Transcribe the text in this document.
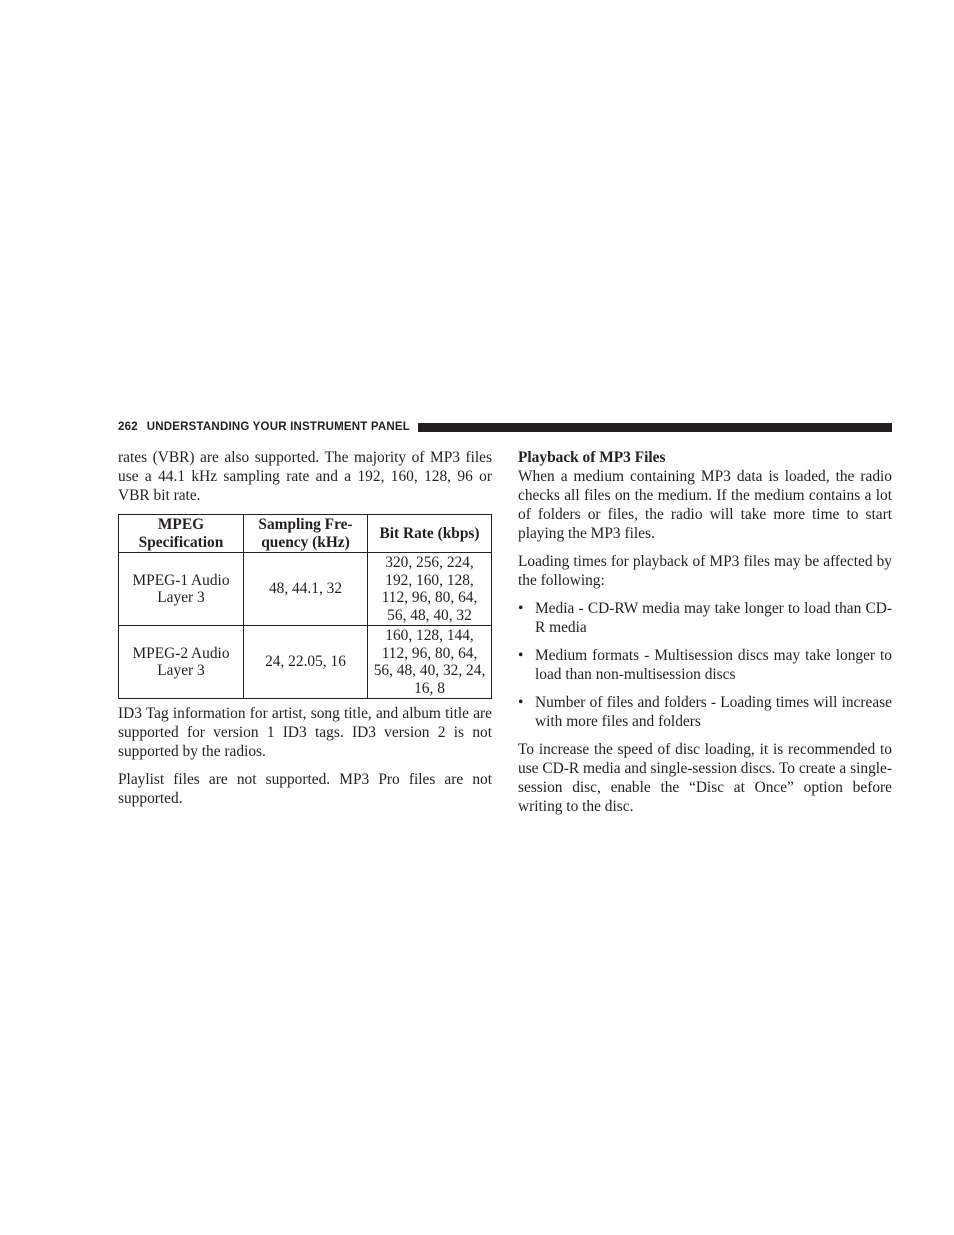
262 UNDERSTANDING YOUR INSTRUMENT PANEL

rates (VBR) are also supported. The majority of MP3 files use a 44.1 kHz sampling rate and a 192, 160, 128, 96 or VBR bit rate.

MPEG Specification	Sampling Fre- quency (kHz)	Bit Rate (kbps)
MPEG-1 Audio Layer 3	48, 44.1, 32	320, 256, 224, 192, 160, 128, 112, 96, 80, 64, 56, 48, 40, 32
MPEG-2 Audio Layer 3	24, 22.05, 16	160, 128, 144, 112, 96, 80, 64, 56, 48, 40, 32, 24, 16, 8

ID3 Tag information for artist, song title, and album title are supported for version 1 ID3 tags. ID3 version 2 is not supported by the radios.

Playlist files are not supported. MP3 Pro files are not supported.

Playback of MP3 Files

When a medium containing MP3 data is loaded, the radio checks all files on the medium. If the medium contains a lot of folders or files, the radio will take more time to start playing the MP3 files.

Loading times for playback of MP3 files may be affected by the following:

• Media - CD-RW media may take longer to load than CD-R media
• Medium formats - Multisession discs may take longer to load than non-multisession discs
• Number of files and folders - Loading times will increase with more files and folders

To increase the speed of disc loading, it is recommended to use CD-R media and single-session discs. To create a single-session disc, enable the “Disc at Once” option before writing to the disc.
